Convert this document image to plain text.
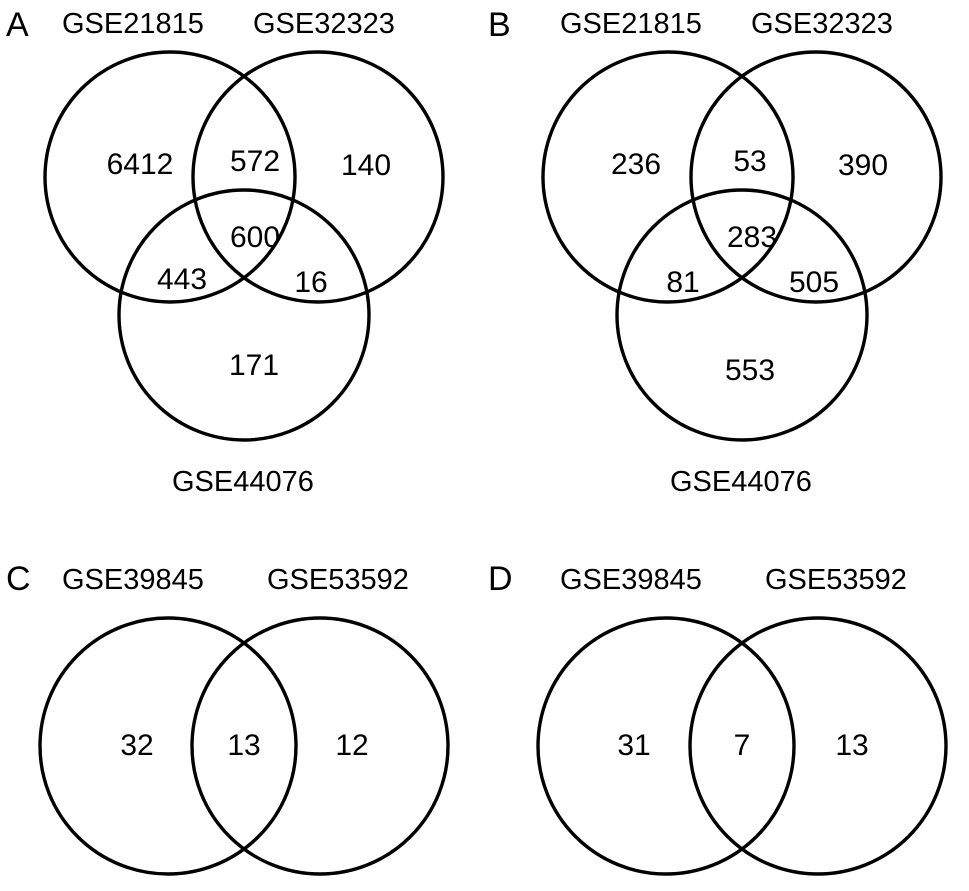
A GSE21815 GSE32323
GSE44076
6412 572 140
600
443	16
171
B GSE21815 GSE32323
GSE44076
236 53 390
283
81	505
553
C GSE39845 GSE53592
32 13 12
D GSE39845 GSE53592
31	7	13
